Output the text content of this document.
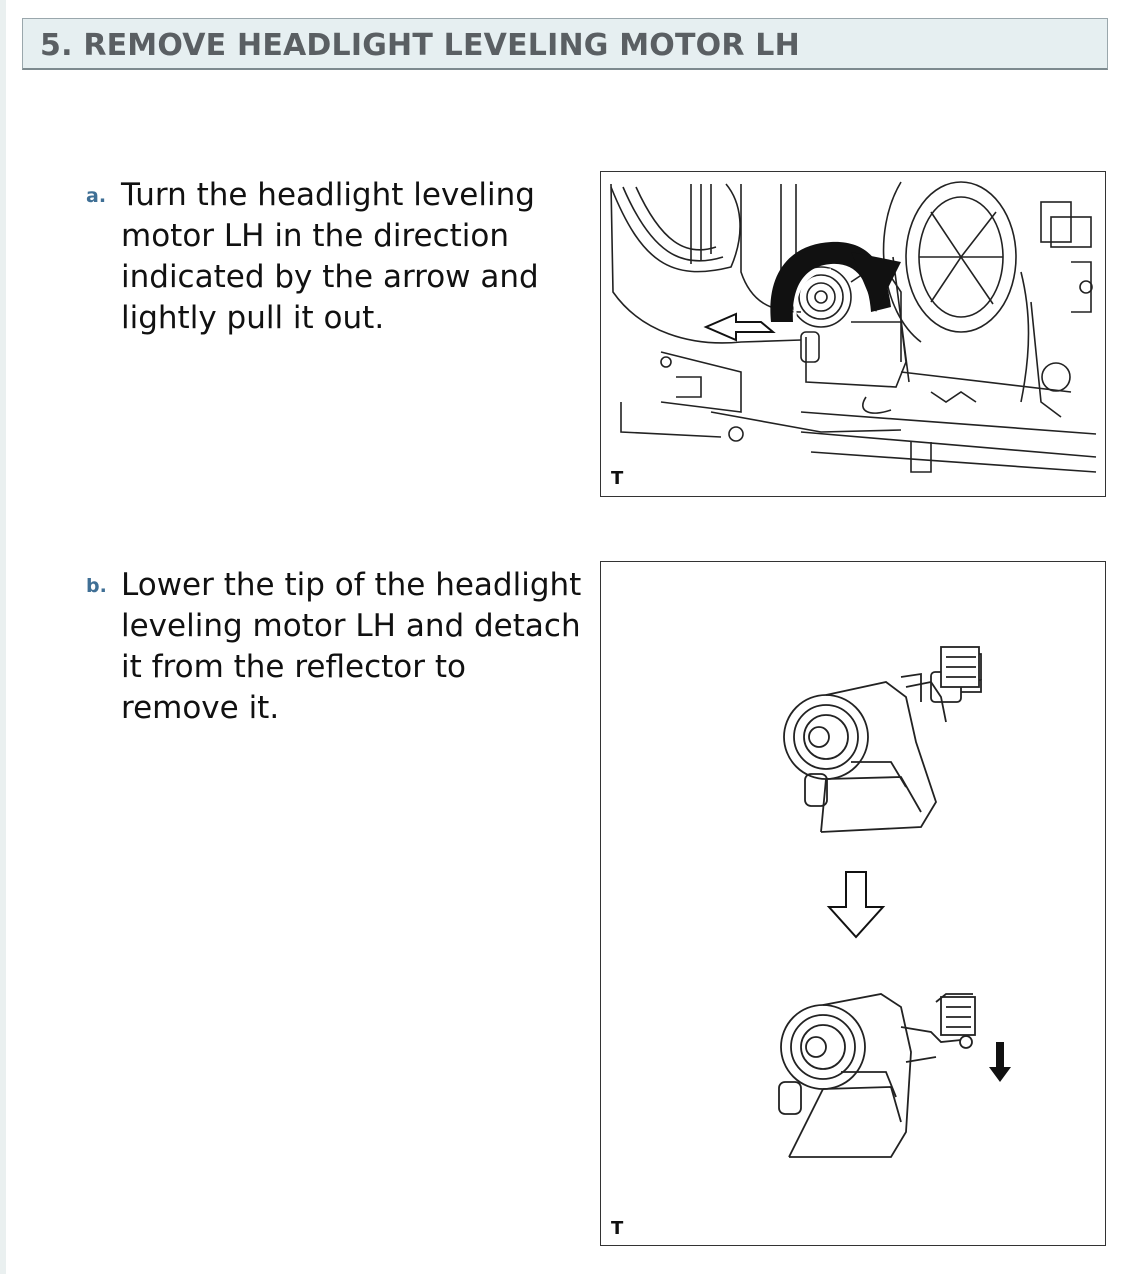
5. REMOVE HEADLIGHT LEVELING MOTOR LH
a. Turn the headlight leveling motor LH in the direction indicated by the arrow and lightly pull it out.
T
b. Lower the tip of the headlight leveling motor LH and detach it from the reflector to remove it.
T
